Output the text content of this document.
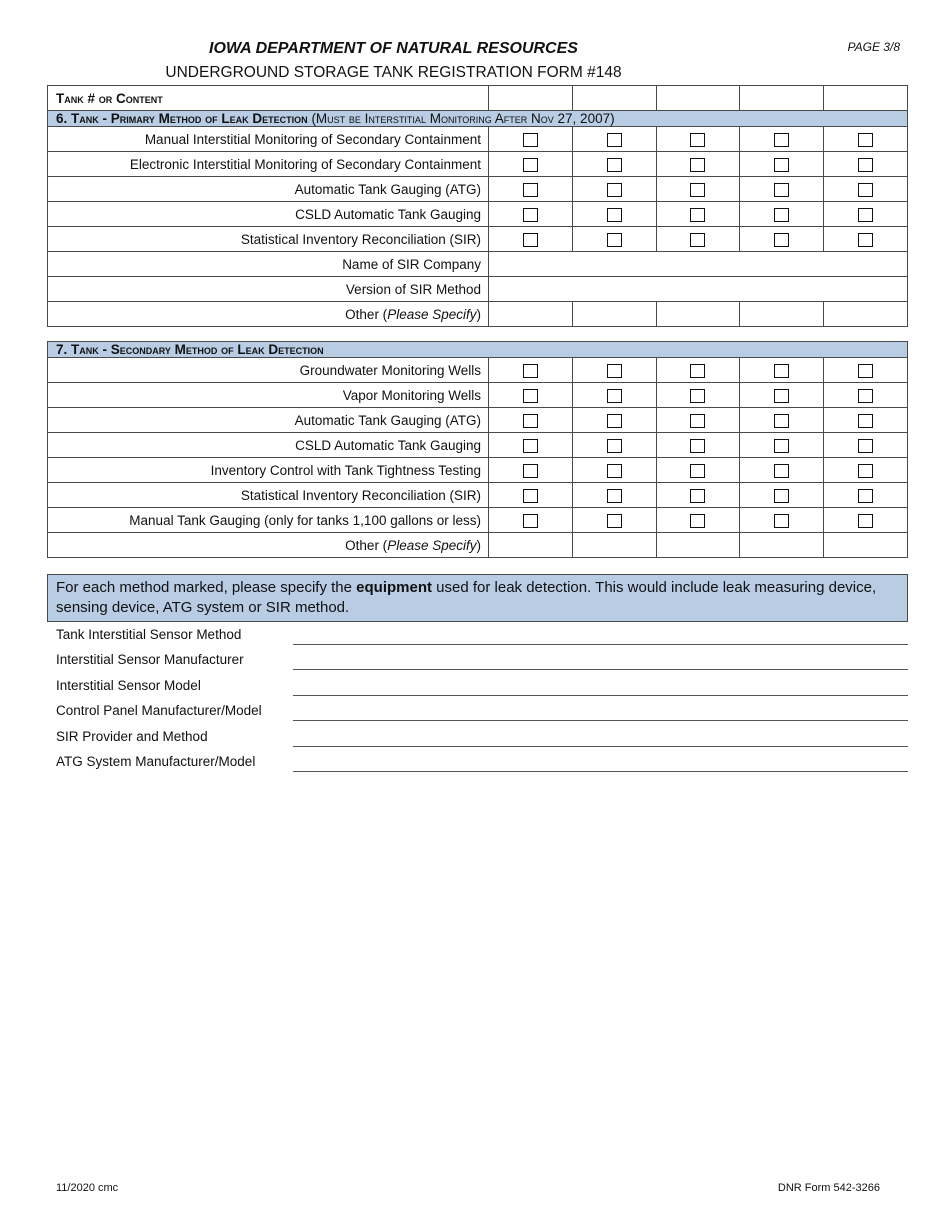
IOWA DEPARTMENT OF NATURAL RESOURCES
UNDERGROUND STORAGE TANK REGISTRATION FORM #148
PAGE 3/8
Tank # or Content					
6. Tank - Primary Method of Leak Detection (Must be Interstitial Monitoring After Nov 27, 2007)					
Manual Interstitial Monitoring of Secondary Containment					
Electronic Interstitial Monitoring of Secondary Containment					
Automatic Tank Gauging (ATG)					
CSLD Automatic Tank Gauging					
Statistical Inventory Reconciliation (SIR)					
Name of SIR Company					
Version of SIR Method					
Other (Please Specify)					

7. Tank - Secondary Method of Leak Detection					
Groundwater Monitoring Wells					
Vapor Monitoring Wells					
Automatic Tank Gauging (ATG)					
CSLD Automatic Tank Gauging					
Inventory Control with Tank Tightness Testing					
Statistical Inventory Reconciliation (SIR)					
Manual Tank Gauging (only for tanks 1,100 gallons or less)					
Other (Please Specify)					

For each method marked, please specify the equipment used for leak detection. This would include leak measuring device, sensing device, ATG system or SIR method.
Tank Interstitial Sensor Method
Interstitial Sensor Manufacturer
Interstitial Sensor Model
Control Panel Manufacturer/Model
SIR Provider and Method
ATG System Manufacturer/Model
11/2020 cmc	DNR Form 542-3266
